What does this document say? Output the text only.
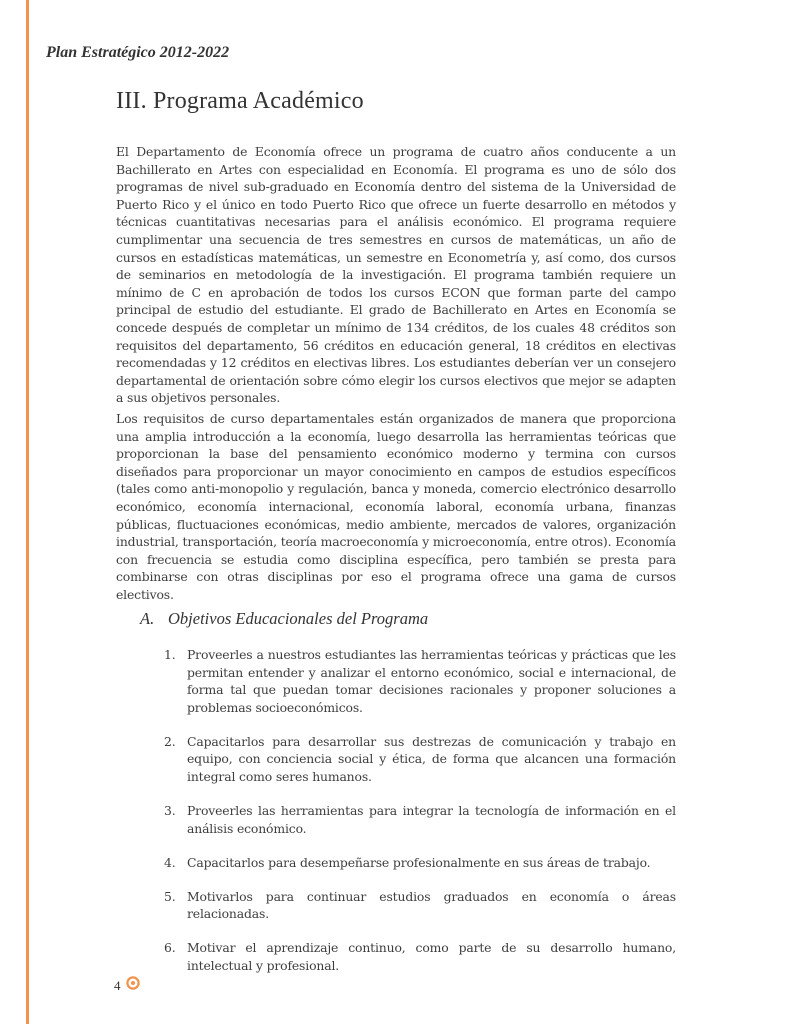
Plan Estratégico 2012-2022
III. Programa Académico

El Departamento de Economía ofrece un programa de cuatro años conducente a un Bachillerato en Artes con especialidad en Economía. El programa es uno de sólo dos programas de nivel sub-graduado en Economía dentro del sistema de la Universidad de Puerto Rico y el único en todo Puerto Rico que ofrece un fuerte desarrollo en métodos y técnicas cuantitativas necesarias para el análisis económico. El programa requiere cumplimentar una secuencia de tres semestres en cursos de matemáticas, un año de cursos en estadísticas matemáticas, un semestre en Econometría y, así como, dos cursos de seminarios en metodología de la investigación. El programa también requiere un mínimo de C en aprobación de todos los cursos ECON que forman parte del campo principal de estudio del estudiante. El grado de Bachillerato en Artes en Economía se concede después de completar un mínimo de 134 créditos, de los cuales 48 créditos son requisitos del departamento, 56 créditos en educación general, 18 créditos en electivas recomendadas y 12 créditos en electivas libres. Los estudiantes deberían ver un consejero departamental de orientación sobre cómo elegir los cursos electivos que mejor se adapten a sus objetivos personales.

Los requisitos de curso departamentales están organizados de manera que proporciona una amplia introducción a la economía, luego desarrolla las herramientas teóricas que proporcionan la base del pensamiento económico moderno y termina con cursos diseñados para proporcionar un mayor conocimiento en campos de estudios específicos (tales como anti-monopolio y regulación, banca y moneda, comercio electrónico desarrollo económico, economía internacional, economía laboral, economía urbana, finanzas públicas, fluctuaciones económicas, medio ambiente, mercados de valores, organización industrial, transportación, teoría macroeconomía y microeconomía, entre otros). Economía con frecuencia se estudia como disciplina específica, pero también se presta para combinarse con otras disciplinas por eso el programa ofrece una gama de cursos electivos.

A. Objetivos Educacionales del Programa
1. Proveerles a nuestros estudiantes las herramientas teóricas y prácticas que les permitan entender y analizar el entorno económico, social e internacional, de forma tal que puedan tomar decisiones racionales y proponer soluciones a problemas socioeconómicos.
2. Capacitarlos para desarrollar sus destrezas de comunicación y trabajo en equipo, con conciencia social y ética, de forma que alcancen una formación integral como seres humanos.
3. Proveerles las herramientas para integrar la tecnología de información en el análisis económico.
4. Capacitarlos para desempeñarse profesionalmente en sus áreas de trabajo.
5. Motivarlos para continuar estudios graduados en economía o áreas relacionadas.
6. Motivar el aprendizaje continuo, como parte de su desarrollo humano, intelectual y profesional.
4
